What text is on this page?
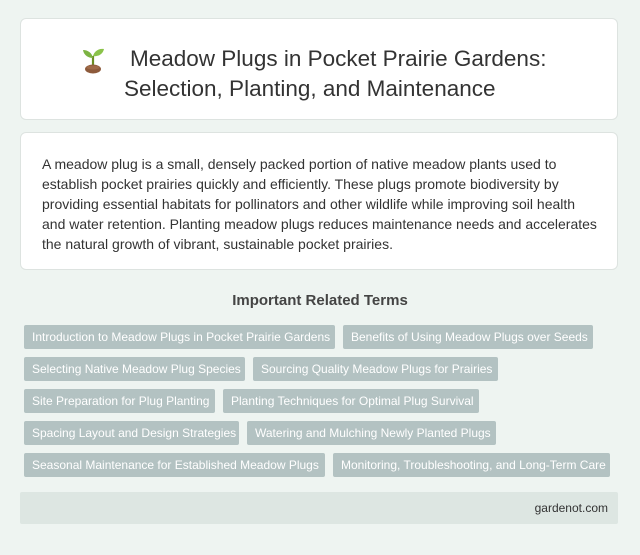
Meadow Plugs in Pocket Prairie Gardens: Selection, Planting, and Maintenance

A meadow plug is a small, densely packed portion of native meadow plants used to establish pocket prairies quickly and efficiently. These plugs promote biodiversity by providing essential habitats for pollinators and other wildlife while improving soil health and water retention. Planting meadow plugs reduces maintenance needs and accelerates the natural growth of vibrant, sustainable pocket prairies.

Important Related Terms
Introduction to Meadow Plugs in Pocket Prairie Gardens	Benefits of Using Meadow Plugs over Seeds
Selecting Native Meadow Plug Species	Sourcing Quality Meadow Plugs for Prairies
Site Preparation for Plug Planting	Planting Techniques for Optimal Plug Survival
Spacing Layout and Design Strategies	Watering and Mulching Newly Planted Plugs
Seasonal Maintenance for Established Meadow Plugs	Monitoring, Troubleshooting, and Long-Term Care
gardenot.com
